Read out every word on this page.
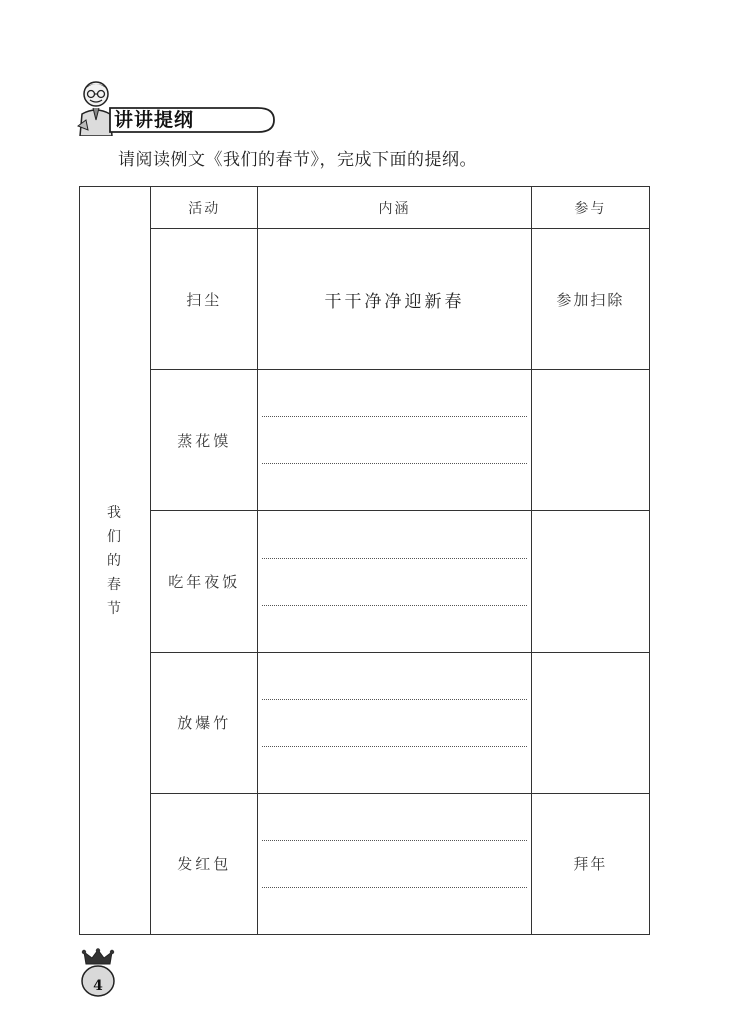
讲讲提纲
请阅读例文《我们的春节》，完成下面的提纲。
我
们
的
春
节	活动	内涵	参与
	扫尘	干干净净迎新春	参加扫除
	蒸花馍	

	吃年夜饭	

	放爆竹	

	发红包		拜年
4
